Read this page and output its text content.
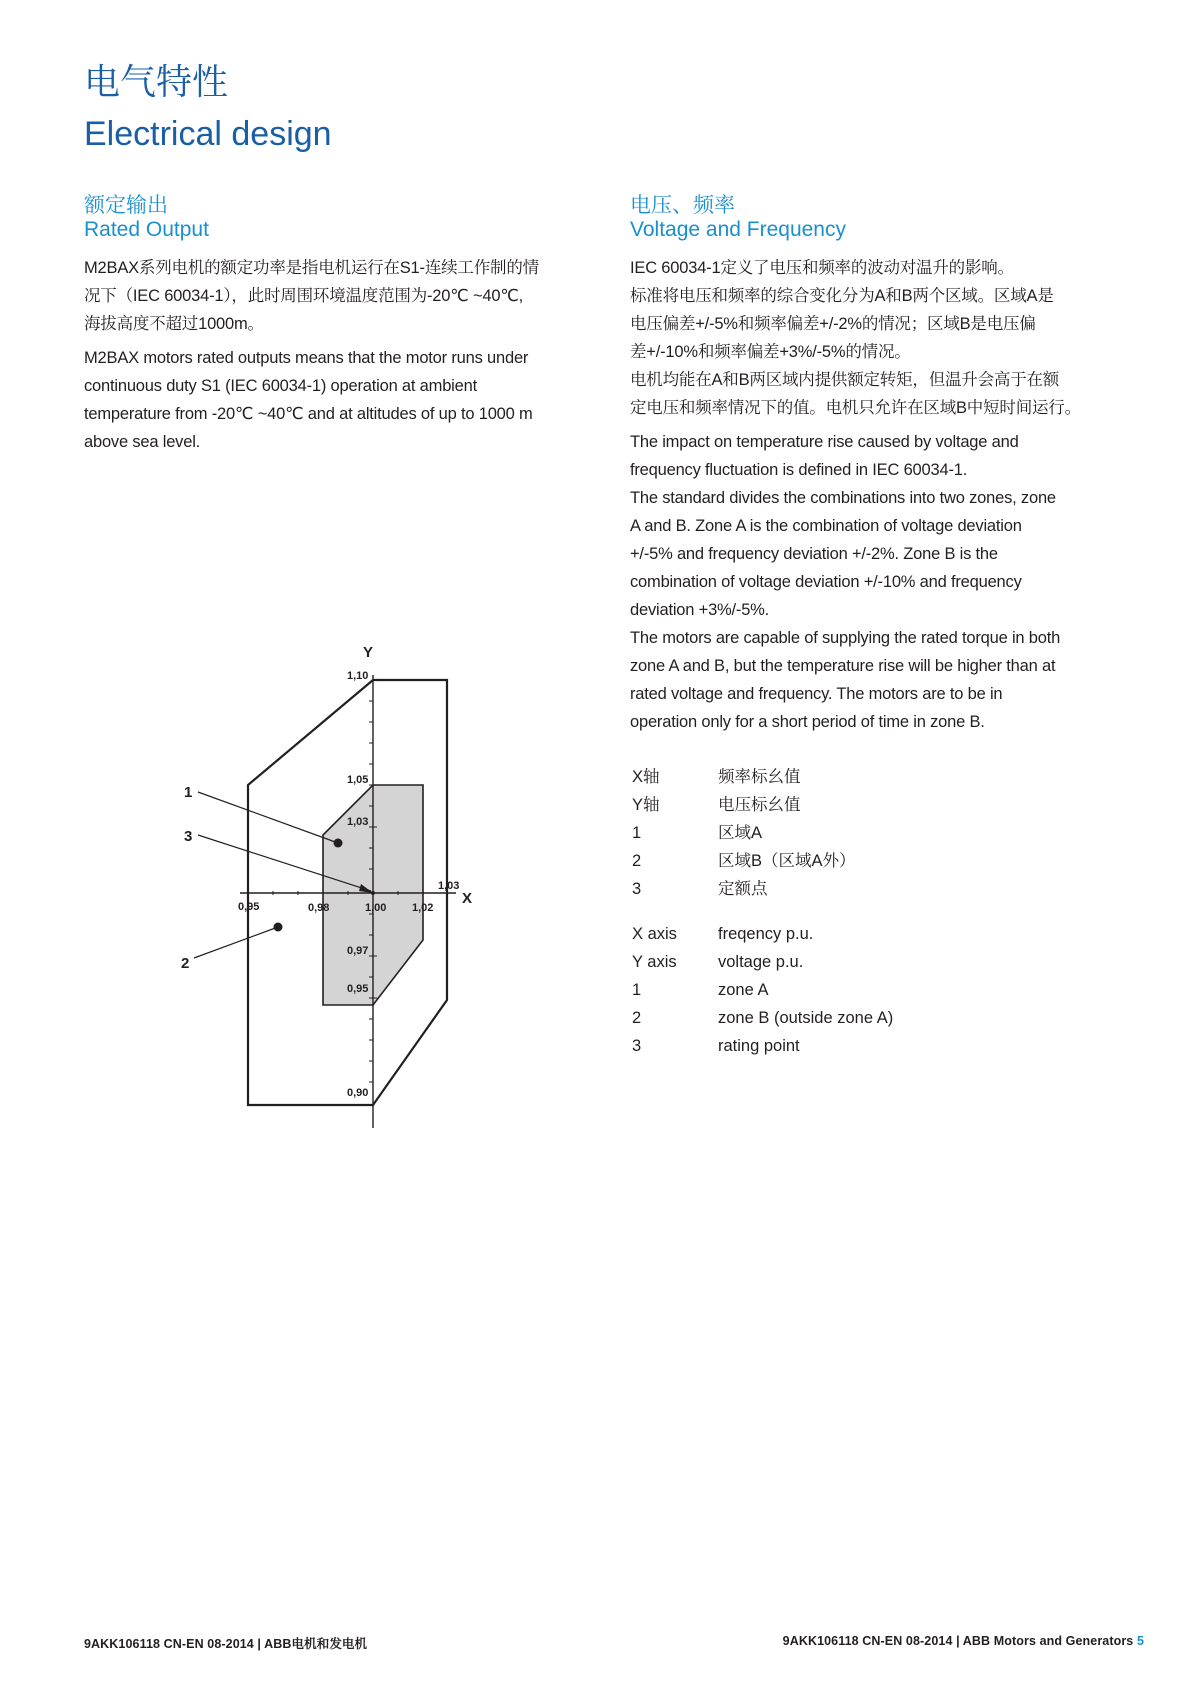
电气特性
Electrical design
额定输出
Rated Output

M2BAX系列电机的额定功率是指电机运行在S1-连续工作制的情

况下（IEC 60034-1），此时周围环境温度范围为-20℃ ~40℃,

海拔高度不超过1000m。

M2BAX motors rated outputs means that the motor runs under

continuous duty S1 (IEC 60034-1) operation at ambient

temperature from -20℃ ~40℃ and at altitudes of up to 1000 m

above sea level.

电压、频率
Voltage and Frequency

IEC 60034-1定义了电压和频率的波动对温升的影响。

标准将电压和频率的综合变化分为A和B两个区域。区域A是

电压偏差+/-5%和频率偏差+/-2%的情况；区域B是电压偏

差+/-10%和频率偏差+3%/-5%的情况。

电机均能在A和B两区域内提供额定转矩，但温升会高于在额

定电压和频率情况下的值。电机只允许在区域B中短时间运行。

The impact on temperature rise caused by voltage and

frequency fluctuation is defined in IEC 60034-1.

The standard divides the combinations into two zones, zone

A and B. Zone A is the combination of voltage deviation

+/-5% and frequency deviation +/-2%. Zone B is the

combination of voltage deviation +/-10% and frequency

deviation +3%/-5%.

The motors are capable of supplying the rated torque in both

zone A and B, but the temperature rise will be higher than at

rated voltage and frequency. The motors are to be in

operation only for a short period of time in zone B.

X轴	频率标幺值
Y轴	电压标幺值
1	区域A
2	区域B（区域A外）
3	定额点
X axis	freqency p.u.
Y axis	voltage p.u.
1	zone A
2	zone B (outside zone A)
3	rating point
Y
X
1,10
1,05
1,03
0,97
0,95
0,90
0,95	0,98	1,00 1,02
1,03
1
3
2
9AKK106118 CN-EN 08-2014 | ABB电机和发电机	9AKK106118 CN-EN 08-2014 | ABB Motors and Generators 5
